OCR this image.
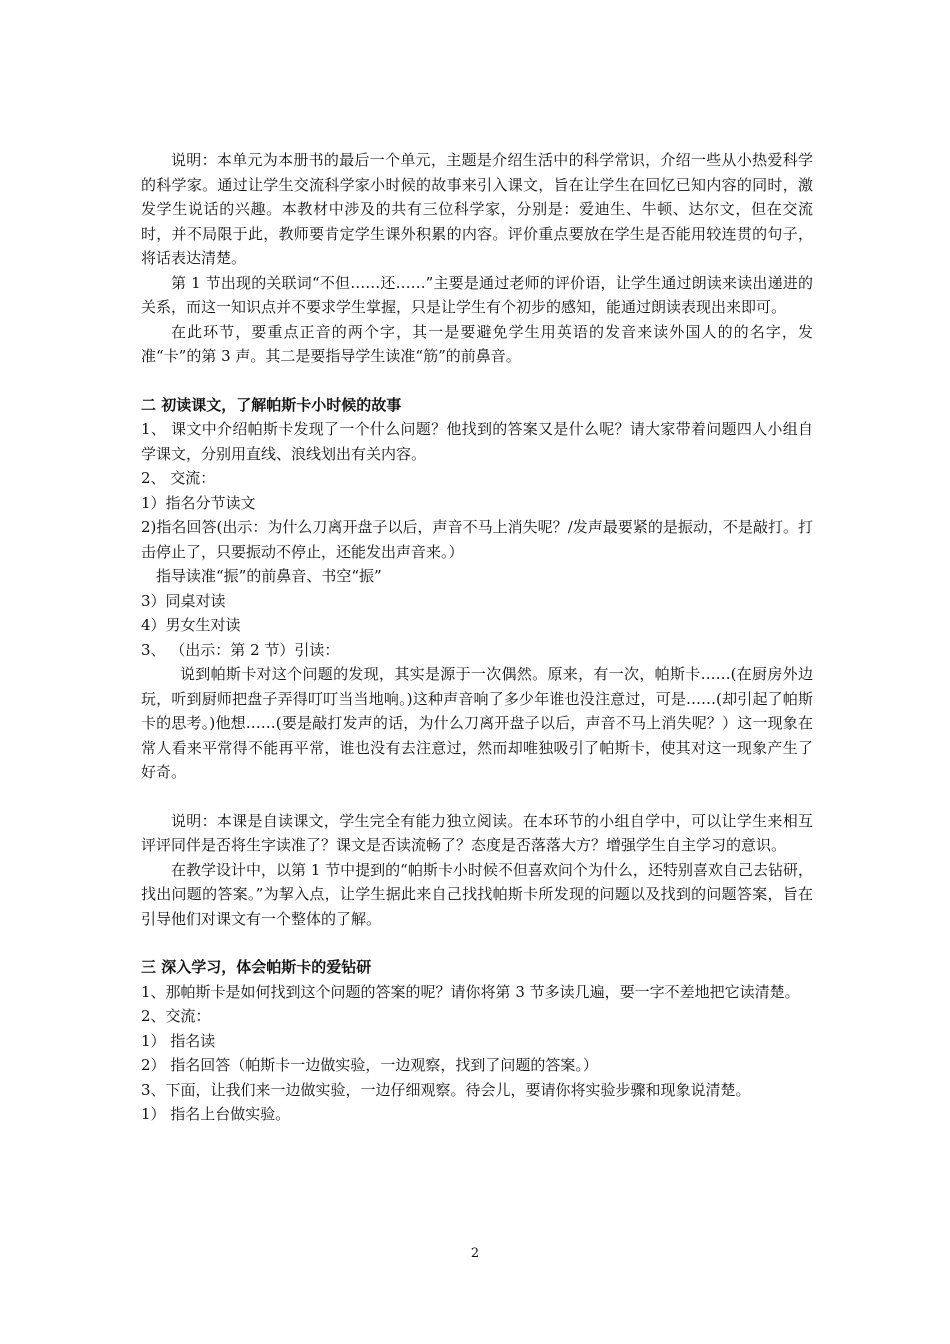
说明：本单元为本册书的最后一个单元，主题是介绍生活中的科学常识，介绍一些从小热爱科学的科学家。通过让学生交流科学家小时候的故事来引入课文，旨在让学生在回忆已知内容的同时，激发学生说话的兴趣。本教材中涉及的共有三位科学家，分别是：爱迪生、牛顿、达尔文，但在交流时，并不局限于此，教师要肯定学生课外积累的内容。评价重点要放在学生是否能用较连贯的句子，将话表达清楚。

第 1 节出现的关联词“不但……还……”主要是通过老师的评价语，让学生通过朗读来读出递进的关系，而这一知识点并不要求学生掌握，只是让学生有个初步的感知，能通过朗读表现出来即可。

在此环节，要重点正音的两个字，其一是要避免学生用英语的发音来读外国人的的名字，发准“卡”的第 3 声。其二是要指导学生读准“筋”的前鼻音。

二 初读课文，了解帕斯卡小时候的故事

1、 课文中介绍帕斯卡发现了一个什么问题？他找到的答案又是什么呢？请大家带着问题四人小组自学课文，分别用直线、浪线划出有关内容。

2、 交流：

1）指名分节读文

2)指名回答(出示：为什么刀离开盘子以后，声音不马上消失呢？/发声最要紧的是振动，不是敲打。打击停止了，只要振动不停止，还能发出声音来。）

指导读准“振”的前鼻音、书空“振”

3）同桌对读

4）男女生对读

3、 （出示：第 2 节）引读：

说到帕斯卡对这个问题的发现，其实是源于一次偶然。原来，有一次，帕斯卡……(在厨房外边玩，听到厨师把盘子弄得叮叮当当地响。)这种声音响了多少年谁也没注意过，可是……(却引起了帕斯卡的思考。)他想……(要是敲打发声的话，为什么刀离开盘子以后，声音不马上消失呢？）这一现象在常人看来平常得不能再平常，谁也没有去注意过，然而却唯独吸引了帕斯卡，使其对这一现象产生了好奇。

说明：本课是自读课文，学生完全有能力独立阅读。在本环节的小组自学中，可以让学生来相互评评同伴是否将生字读准了？课文是否读流畅了？态度是否落落大方？增强学生自主学习的意识。

在教学设计中，以第 1 节中提到的“帕斯卡小时候不但喜欢问个为什么，还特别喜欢自己去钻研，找出问题的答案。”为挈入点，让学生据此来自己找找帕斯卡所发现的问题以及找到的问题答案，旨在引导他们对课文有一个整体的了解。

三 深入学习，体会帕斯卡的爱钻研

1、那帕斯卡是如何找到这个问题的答案的呢？请你将第 3 节多读几遍，要一字不差地把它读清楚。

2、交流：

1） 指名读

2） 指名回答（帕斯卡一边做实验，一边观察，找到了问题的答案。）

3、下面，让我们来一边做实验，一边仔细观察。待会儿，要请你将实验步骤和现象说清楚。

1） 指名上台做实验。

2
